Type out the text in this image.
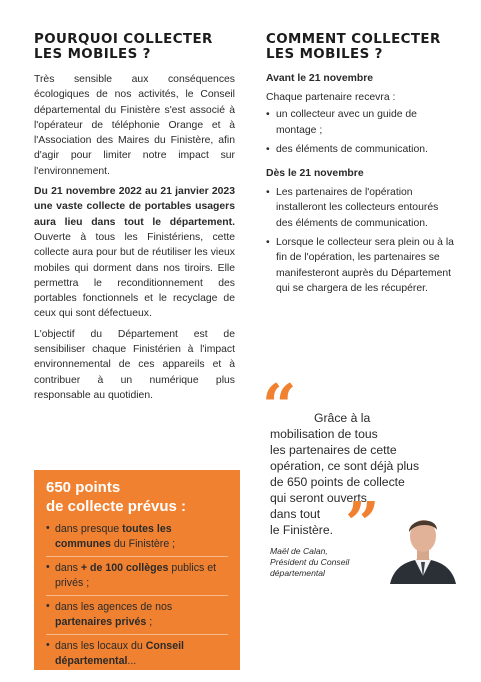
POURQUOI COLLECTER
LES MOBILES ?

Très sensible aux conséquences écologiques de nos activités, le Conseil départemental du Finistère s'est associé à l'opérateur de téléphonie Orange et à l'Association des Maires du Finistère, afin d'agir pour limiter notre impact sur l'environnement.

Du 21 novembre 2022 au 21 janvier 2023 une vaste collecte de portables usagers aura lieu dans tout le département. Ouverte à tous les Finistériens, cette collecte aura pour but de réutiliser les vieux mobiles qui dorment dans nos tiroirs. Elle permettra le reconditionnement des portables fonctionnels et le recyclage de ceux qui sont défectueux.

L'objectif du Département est de sensibiliser chaque Finistérien à l'impact environnemental de ces appareils et à contribuer à un numérique plus responsable au quotidien.

650 points
de collecte prévus :
• dans presque toutes les communes du Finistère ;
• dans + de 100 collèges publics et privés ;
• dans les agences de nos partenaires privés ;
• dans les locaux du Conseil départemental...
COMMENT COLLECTER
LES MOBILES ?
Avant le 21 novembre

Chaque partenaire recevra :

• un collecteur avec un guide de montage ;
• des éléments de communication.
Dès le 21 novembre
• Les partenaires de l'opération installeront les collecteurs entourés des éléments de communication.
• Lorsque le collecteur sera plein ou à la fin de l'opération, les partenaires se manifesteront auprès du Département qui se chargera de les récupérer.
“	Grâce à la
mobilisation de tous
les partenaires de cette
opération, ce sont déjà plus
de 650 points de collecte
qui seront ouverts
dans tout
le Finistère. ”
Maël de Calan,
Président du Conseil départemental
